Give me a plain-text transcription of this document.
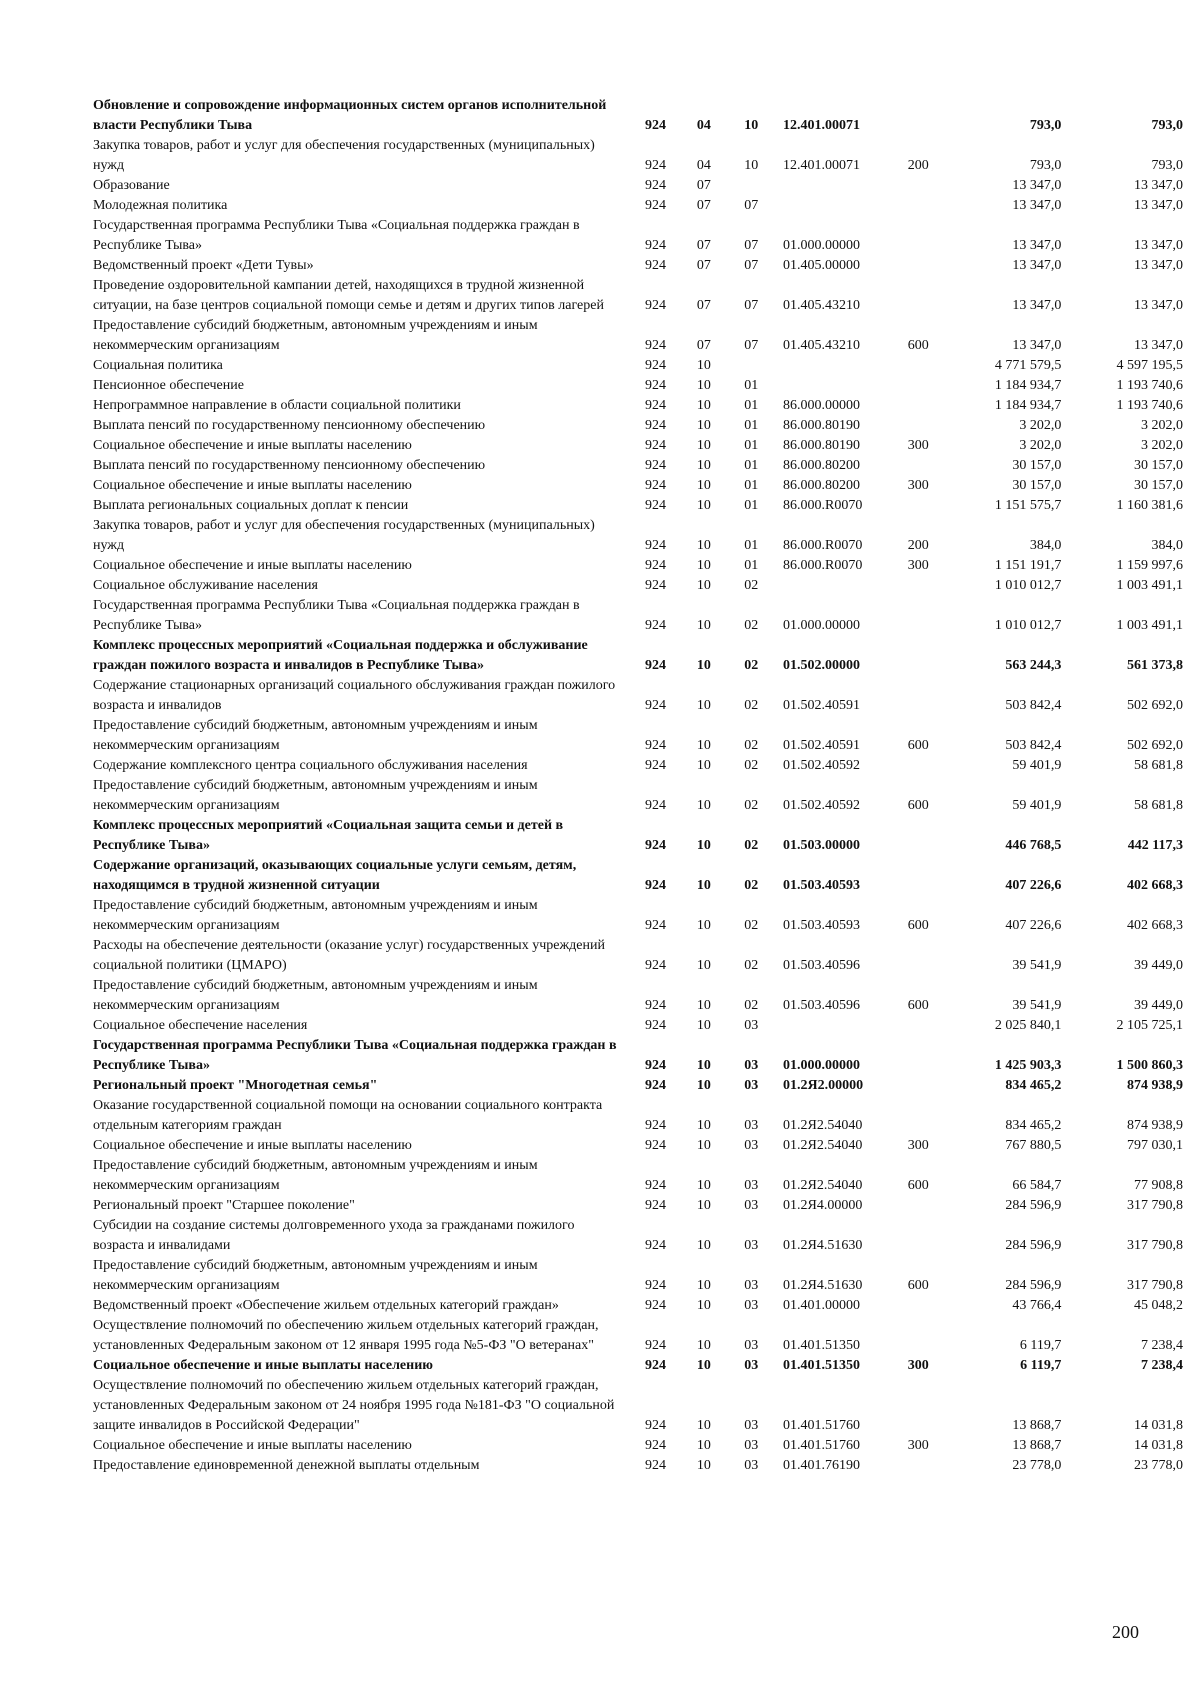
Обновление и сопровождение информационных систем органов исполнительной власти Республики Тыва	924	04	10	12.401.00071		793,0	793,0
Закупка товаров, работ и услуг для обеспечения государственных (муниципальных) нужд	924	04	10	12.401.00071	200	793,0	793,0
Образование	924	07				13 347,0	13 347,0
Молодежная политика	924	07	07			13 347,0	13 347,0
Государственная программа Республики Тыва «Социальная поддержка граждан в Республике Тыва»	924	07	07	01.000.00000		13 347,0	13 347,0
Ведомственный проект «Дети Тувы»	924	07	07	01.405.00000		13 347,0	13 347,0
Проведение оздоровительной кампании детей, находящихся в трудной жизненной ситуации, на базе центров социальной помощи семье и детям и других типов лагерей	924	07	07	01.405.43210		13 347,0	13 347,0
Предоставление субсидий бюджетным, автономным учреждениям и иным некоммерческим организациям	924	07	07	01.405.43210	600	13 347,0	13 347,0
Социальная политика	924	10				4 771 579,5	4 597 195,5
Пенсионное обеспечение	924	10	01			1 184 934,7	1 193 740,6
Непрограммное направление в области социальной политики	924	10	01	86.000.00000		1 184 934,7	1 193 740,6
Выплата пенсий по государственному пенсионному обеспечению	924	10	01	86.000.80190		3 202,0	3 202,0
Социальное обеспечение и иные выплаты населению	924	10	01	86.000.80190	300	3 202,0	3 202,0
Выплата пенсий по государственному пенсионному обеспечению	924	10	01	86.000.80200		30 157,0	30 157,0
Социальное обеспечение и иные выплаты населению	924	10	01	86.000.80200	300	30 157,0	30 157,0
Выплата региональных социальных доплат к пенсии	924	10	01	86.000.R0070		1 151 575,7	1 160 381,6
Закупка товаров, работ и услуг для обеспечения государственных (муниципальных) нужд	924	10	01	86.000.R0070	200	384,0	384,0
Социальное обеспечение и иные выплаты населению	924	10	01	86.000.R0070	300	1 151 191,7	1 159 997,6
Социальное обслуживание населения	924	10	02			1 010 012,7	1 003 491,1
Государственная программа Республики Тыва «Социальная поддержка граждан в Республике Тыва»	924	10	02	01.000.00000		1 010 012,7	1 003 491,1
Комплекс процессных мероприятий «Социальная поддержка и обслуживание граждан пожилого возраста и инвалидов в Республике Тыва»	924	10	02	01.502.00000		563 244,3	561 373,8
Содержание стационарных организаций социального обслуживания граждан пожилого возраста и инвалидов	924	10	02	01.502.40591		503 842,4	502 692,0
Предоставление субсидий бюджетным, автономным учреждениям и иным некоммерческим организациям	924	10	02	01.502.40591	600	503 842,4	502 692,0
Содержание комплексного центра социального обслуживания населения	924	10	02	01.502.40592		59 401,9	58 681,8
Предоставление субсидий бюджетным, автономным учреждениям и иным некоммерческим организациям	924	10	02	01.502.40592	600	59 401,9	58 681,8
Комплекс процессных мероприятий «Социальная защита семьи и детей в Республике Тыва»	924	10	02	01.503.00000		446 768,5	442 117,3
Содержание организаций, оказывающих социальные услуги семьям, детям, находящимся в трудной жизненной ситуации	924	10	02	01.503.40593		407 226,6	402 668,3
Предоставление субсидий бюджетным, автономным учреждениям и иным некоммерческим организациям	924	10	02	01.503.40593	600	407 226,6	402 668,3
Расходы на обеспечение деятельности (оказание услуг) государственных учреждений социальной политики (ЦМАРО)	924	10	02	01.503.40596		39 541,9	39 449,0
Предоставление субсидий бюджетным, автономным учреждениям и иным некоммерческим организациям	924	10	02	01.503.40596	600	39 541,9	39 449,0
Социальное обеспечение населения	924	10	03			2 025 840,1	2 105 725,1
Государственная программа Республики Тыва «Социальная поддержка граждан в Республике Тыва»	924	10	03	01.000.00000		1 425 903,3	1 500 860,3
Региональный проект "Многодетная семья"	924	10	03	01.2Я2.00000		834 465,2	874 938,9
Оказание государственной социальной помощи на основании социального контракта отдельным категориям граждан	924	10	03	01.2Я2.54040		834 465,2	874 938,9
Социальное обеспечение и иные выплаты населению	924	10	03	01.2Я2.54040	300	767 880,5	797 030,1
Предоставление субсидий бюджетным, автономным учреждениям и иным некоммерческим организациям	924	10	03	01.2Я2.54040	600	66 584,7	77 908,8
Региональный проект "Старшее поколение"	924	10	03	01.2Я4.00000		284 596,9	317 790,8
Субсидии на создание системы долговременного ухода за гражданами пожилого возраста и инвалидами	924	10	03	01.2Я4.51630		284 596,9	317 790,8
Предоставление субсидий бюджетным, автономным учреждениям и иным некоммерческим организациям	924	10	03	01.2Я4.51630	600	284 596,9	317 790,8
Ведомственный проект «Обеспечение жильем отдельных категорий граждан»	924	10	03	01.401.00000		43 766,4	45 048,2
Осуществление полномочий по обеспечению жильем отдельных категорий граждан, установленных Федеральным законом от 12 января 1995 года №5-ФЗ "О ветеранах"	924	10	03	01.401.51350		6 119,7	7 238,4
Социальное обеспечение и иные выплаты населению	924	10	03	01.401.51350	300	6 119,7	7 238,4
Осуществление полномочий по обеспечению жильем отдельных категорий граждан, установленных Федеральным законом от 24 ноября 1995 года №181-ФЗ "О социальной защите инвалидов в Российской Федерации"	924	10	03	01.401.51760		13 868,7	14 031,8
Социальное обеспечение и иные выплаты населению	924	10	03	01.401.51760	300	13 868,7	14 031,8
Предоставление единовременной денежной выплаты отдельным	924	10	03	01.401.76190		23 778,0	23 778,0
200
